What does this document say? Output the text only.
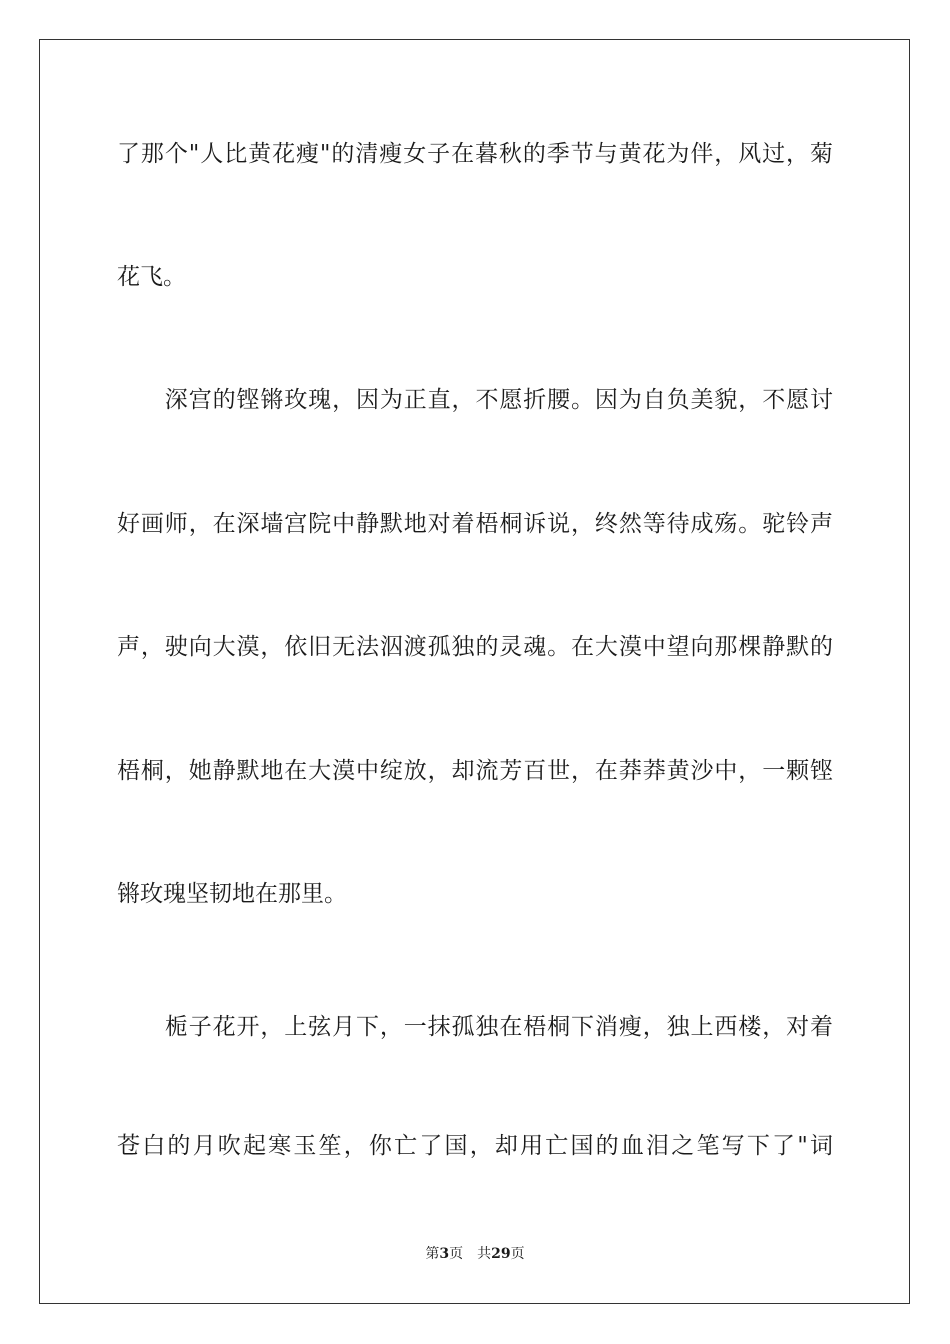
了那个"人比黄花瘦"的清瘦女子在暮秋的季节与黄花为伴，风过，菊
花飞。
　　深宫的铿锵玫瑰，因为正直，不愿折腰。因为自负美貌，不愿讨
好画师，在深墙宫院中静默地对着梧桐诉说，终然等待成殇。驼铃声
声，驶向大漠，依旧无法泅渡孤独的灵魂。在大漠中望向那棵静默的
梧桐，她静默地在大漠中绽放，却流芳百世，在莽莽黄沙中，一颗铿
锵玫瑰坚韧地在那里。
　　栀子花开，上弦月下，一抹孤独在梧桐下消瘦，独上西楼，对着
苍白的月吹起寒玉笙，你亡了国，却用亡国的血泪之笔写下了"词
第3页 共29页
